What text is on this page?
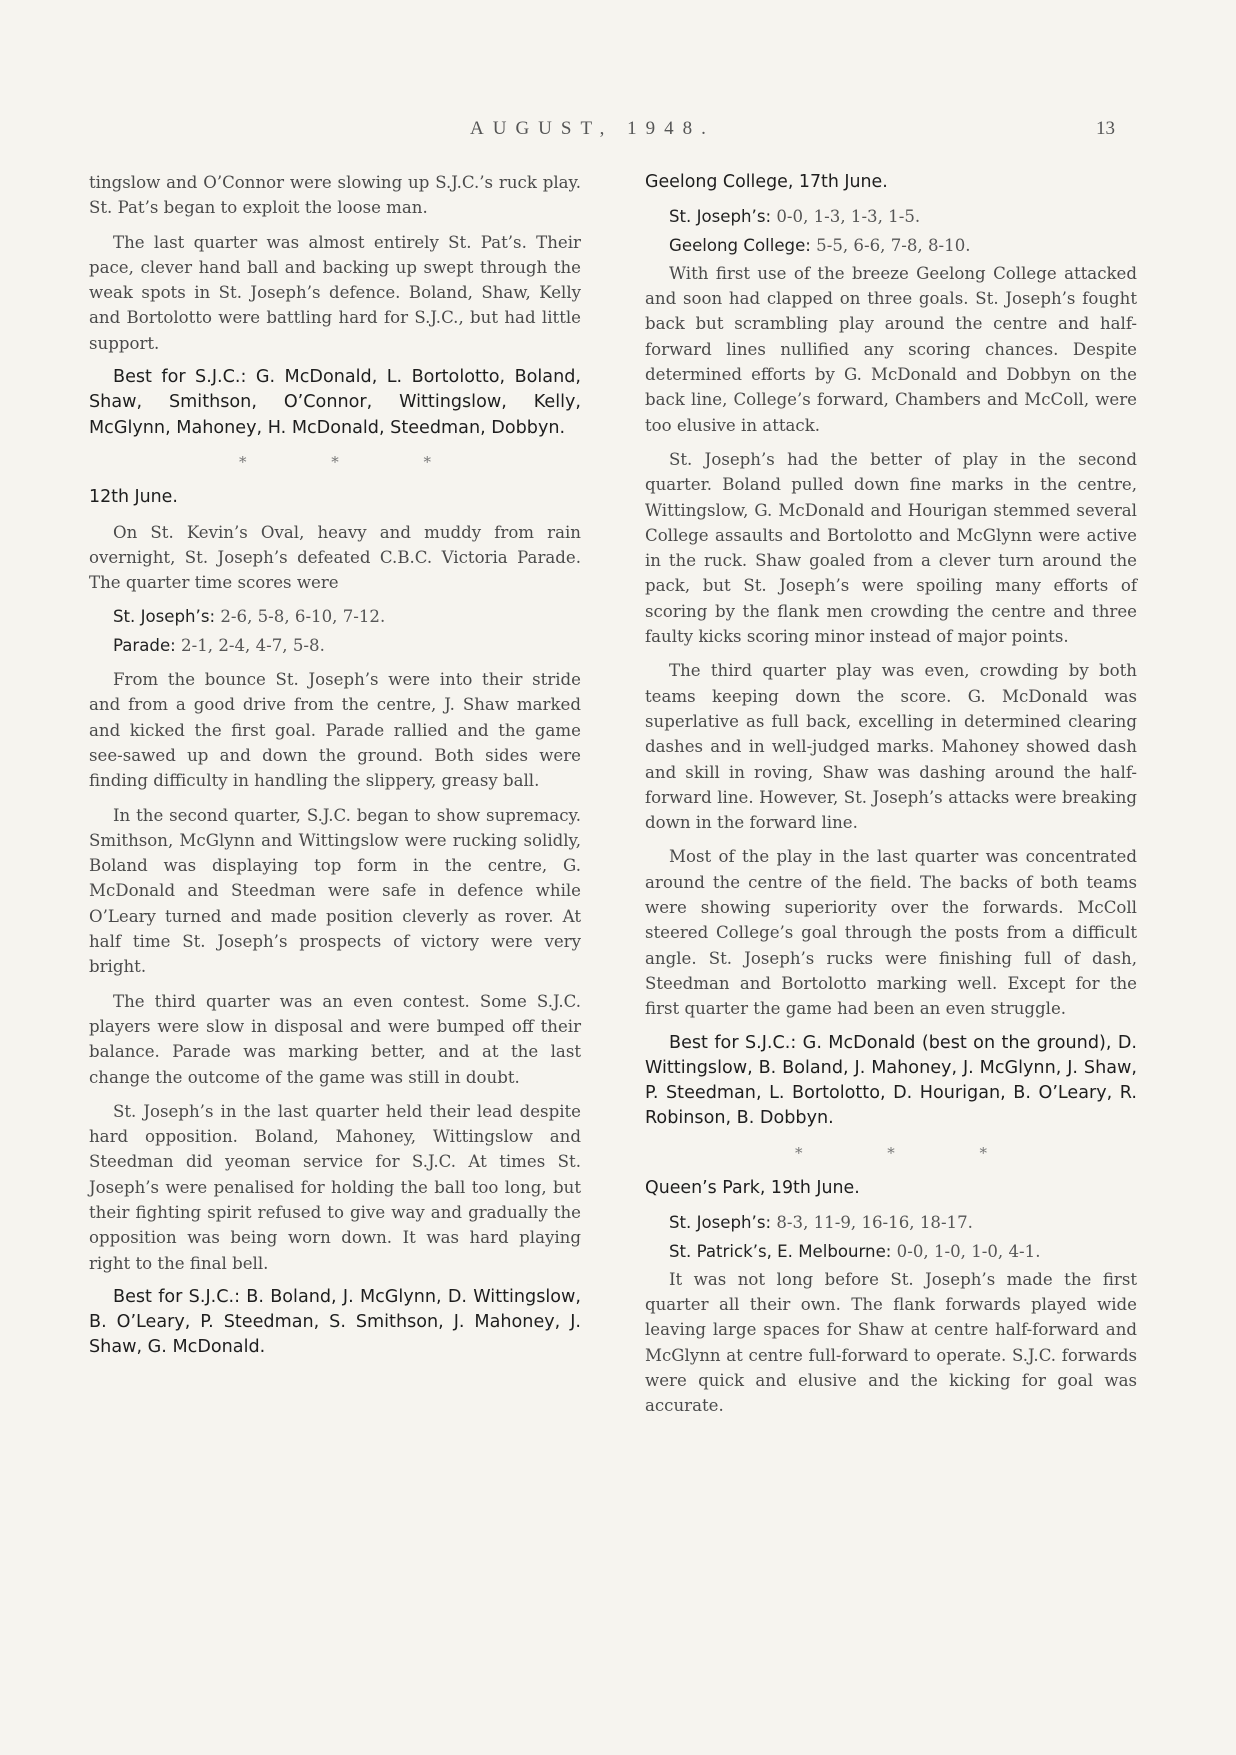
AUGUST, 1948.	13

tingslow and O’Connor were slowing up S.J.C.’s ruck play. St. Pat’s began to exploit the loose man.

The last quarter was almost entirely St. Pat’s. Their pace, clever hand ball and backing up swept through the weak spots in St. Joseph’s defence. Boland, Shaw, Kelly and Bortolotto were battling hard for S.J.C., but had little support.

Best for S.J.C.: G. McDonald, L. Bortolotto, Boland, Shaw, Smithson, O’Connor, Wittingslow, Kelly, McGlynn, Mahoney, H. McDonald, Steedman, Dobbyn.

* * *

12th June.

On St. Kevin’s Oval, heavy and muddy from rain overnight, St. Joseph’s defeated C.B.C. Victoria Parade. The quarter time scores were

St. Joseph’s: 2-6, 5-8, 6-10, 7-12.

Parade: 2-1, 2-4, 4-7, 5-8.

From the bounce St. Joseph’s were into their stride and from a good drive from the centre, J. Shaw marked and kicked the first goal. Parade rallied and the game see-sawed up and down the ground. Both sides were finding difficulty in handling the slippery, greasy ball.

In the second quarter, S.J.C. began to show supremacy. Smithson, McGlynn and Wittingslow were rucking solidly, Boland was displaying top form in the centre, G. McDonald and Steedman were safe in defence while O’Leary turned and made position cleverly as rover. At half time St. Joseph’s prospects of victory were very bright.

The third quarter was an even contest. Some S.J.C. players were slow in disposal and were bumped off their balance. Parade was marking better, and at the last change the outcome of the game was still in doubt.

St. Joseph’s in the last quarter held their lead despite hard opposition. Boland, Mahoney, Wittingslow and Steedman did yeoman service for S.J.C. At times St. Joseph’s were penalised for holding the ball too long, but their fighting spirit refused to give way and gradually the opposition was being worn down. It was hard playing right to the final bell.

Best for S.J.C.: B. Boland, J. McGlynn, D. Wittingslow, B. O’Leary, P. Steedman, S. Smithson, J. Mahoney, J. Shaw, G. McDonald.

Geelong College, 17th June.

St. Joseph’s: 0-0, 1-3, 1-3, 1-5.

Geelong College: 5-5, 6-6, 7-8, 8-10.

With first use of the breeze Geelong College attacked and soon had clapped on three goals. St. Joseph’s fought back but scrambling play around the centre and half-forward lines nullified any scoring chances. Despite determined efforts by G. McDonald and Dobbyn on the back line, College’s forward, Chambers and McColl, were too elusive in attack.

St. Joseph’s had the better of play in the second quarter. Boland pulled down fine marks in the centre, Wittingslow, G. McDonald and Hourigan stemmed several College assaults and Bortolotto and McGlynn were active in the ruck. Shaw goaled from a clever turn around the pack, but St. Joseph’s were spoiling many efforts of scoring by the flank men crowding the centre and three faulty kicks scoring minor instead of major points.

The third quarter play was even, crowding by both teams keeping down the score. G. McDonald was superlative as full back, excelling in determined clearing dashes and in well-judged marks. Mahoney showed dash and skill in roving, Shaw was dashing around the half-forward line. However, St. Joseph’s attacks were breaking down in the forward line.

Most of the play in the last quarter was concentrated around the centre of the field. The backs of both teams were showing superiority over the forwards. McColl steered College’s goal through the posts from a difficult angle. St. Joseph’s rucks were finishing full of dash, Steedman and Bortolotto marking well. Except for the first quarter the game had been an even struggle.

Best for S.J.C.: G. McDonald (best on the ground), D. Wittingslow, B. Boland, J. Mahoney, J. McGlynn, J. Shaw, P. Steedman, L. Bortolotto, D. Hourigan, B. O’Leary, R. Robinson, B. Dobbyn.

* * *

Queen’s Park, 19th June.

St. Joseph’s: 8-3, 11-9, 16-16, 18-17.

St. Patrick’s, E. Melbourne: 0-0, 1-0, 1-0, 4-1.

It was not long before St. Joseph’s made the first quarter all their own. The flank forwards played wide leaving large spaces for Shaw at centre half-forward and McGlynn at centre full-forward to operate. S.J.C. forwards were quick and elusive and the kicking for goal was accurate.
